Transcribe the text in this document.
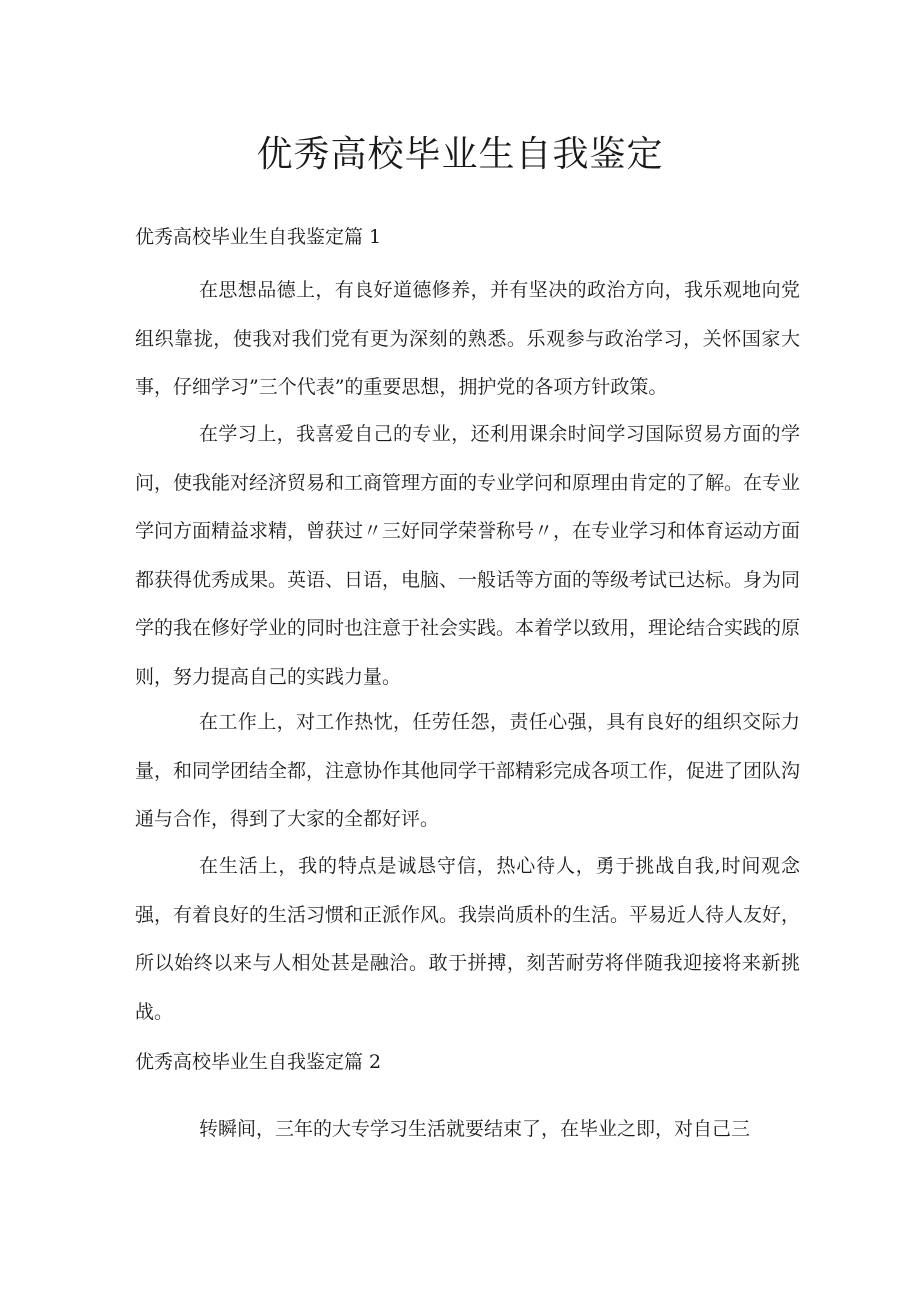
优秀高校毕业生自我鉴定
优秀高校毕业生自我鉴定篇 1

在思想品德上，有良好道德修养，并有坚决的政治方向，我乐观地向党组织靠拢，使我对我们党有更为深刻的熟悉。乐观参与政治学习，关怀国家大事，仔细学习”三个代表”的重要思想，拥护党的各项方针政策。

在学习上，我喜爱自己的专业，还利用课余时间学习国际贸易方面的学问，使我能对经济贸易和工商管理方面的专业学问和原理由肯定的了解。在专业学问方面精益求精，曾获过〃三好同学荣誉称号〃，在专业学习和体育运动方面都获得优秀成果。英语、日语，电脑、一般话等方面的等级考试已达标。身为同学的我在修好学业的同时也注意于社会实践。本着学以致用，理论结合实践的原则，努力提高自己的实践力量。

在工作上，对工作热忱，任劳任怨，责任心强，具有良好的组织交际力量，和同学团结全都，注意协作其他同学干部精彩完成各项工作，促进了团队沟通与合作，得到了大家的全都好评。

在生活上，我的特点是诚恳守信，热心待人，勇于挑战自我,时间观念强，有着良好的生活习惯和正派作风。我崇尚质朴的生活。平易近人待人友好，所以始终以来与人相处甚是融洽。敢于拼搏，刻苦耐劳将伴随我迎接将来新挑战。

优秀高校毕业生自我鉴定篇 2

转瞬间，三年的大专学习生活就要结束了，在毕业之即，对自己三
